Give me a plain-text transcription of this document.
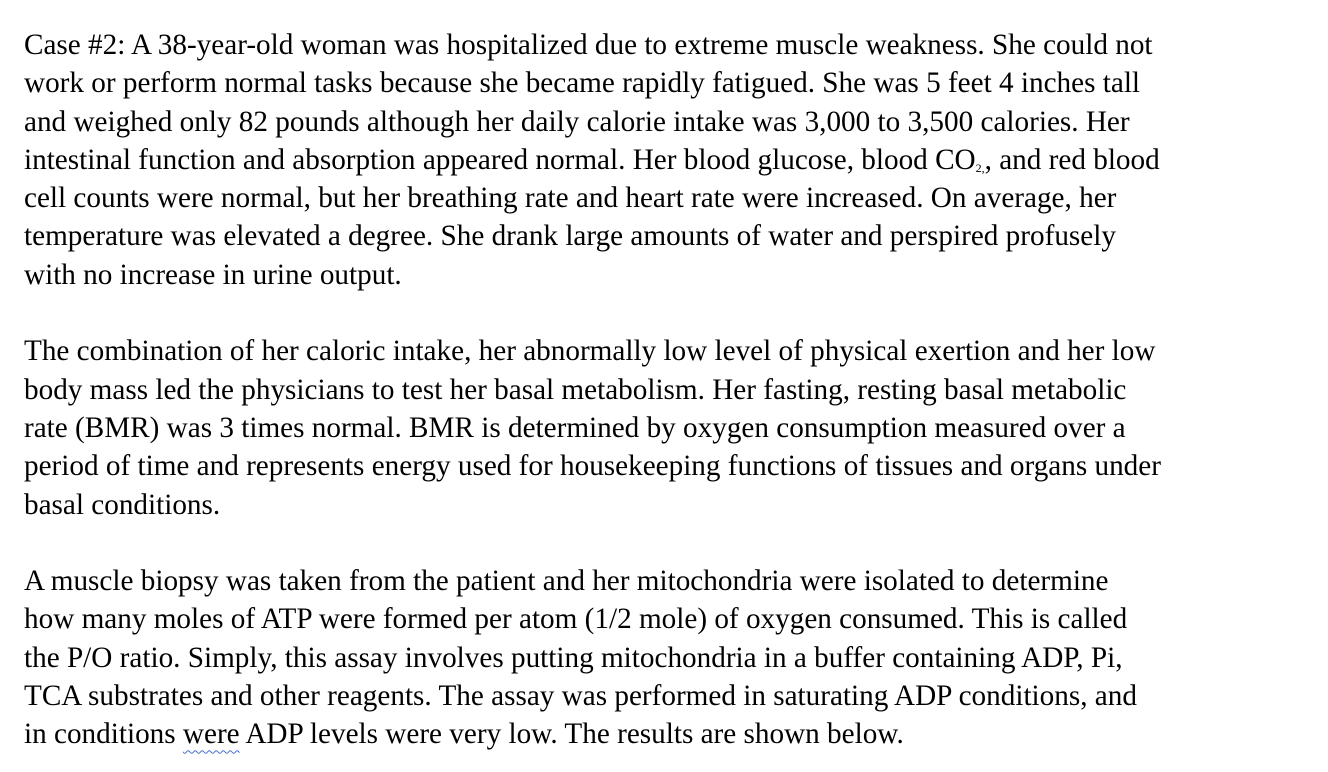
Case #2: A 38-year-old woman was hospitalized due to extreme muscle weakness. She could not

work or perform normal tasks because she became rapidly fatigued. She was 5 feet 4 inches tall

and weighed only 82 pounds although her daily calorie intake was 3,000 to 3,500 calories. Her

intestinal function and absorption appeared normal. Her blood glucose, blood $CO_{2,}$, and red blood

cell counts were normal, but her breathing rate and heart rate were increased. On average, her

temperature was elevated a degree. She drank large amounts of water and perspired profusely

with no increase in urine output.

The combination of her caloric intake, her abnormally low level of physical exertion and her low

body mass led the physicians to test her basal metabolism. Her fasting, resting basal metabolic

rate (BMR) was 3 times normal. BMR is determined by oxygen consumption measured over a

period of time and represents energy used for housekeeping functions of tissues and organs under

basal conditions.

A muscle biopsy was taken from the patient and her mitochondria were isolated to determine

how many moles of ATP were formed per atom (1/2 mole) of oxygen consumed. This is called

the P/O ratio. Simply, this assay involves putting mitochondria in a buffer containing ADP, Pi,

TCA substrates and other reagents. The assay was performed in saturating ADP conditions, and

in conditions were ADP levels were very low. The results are shown below.
